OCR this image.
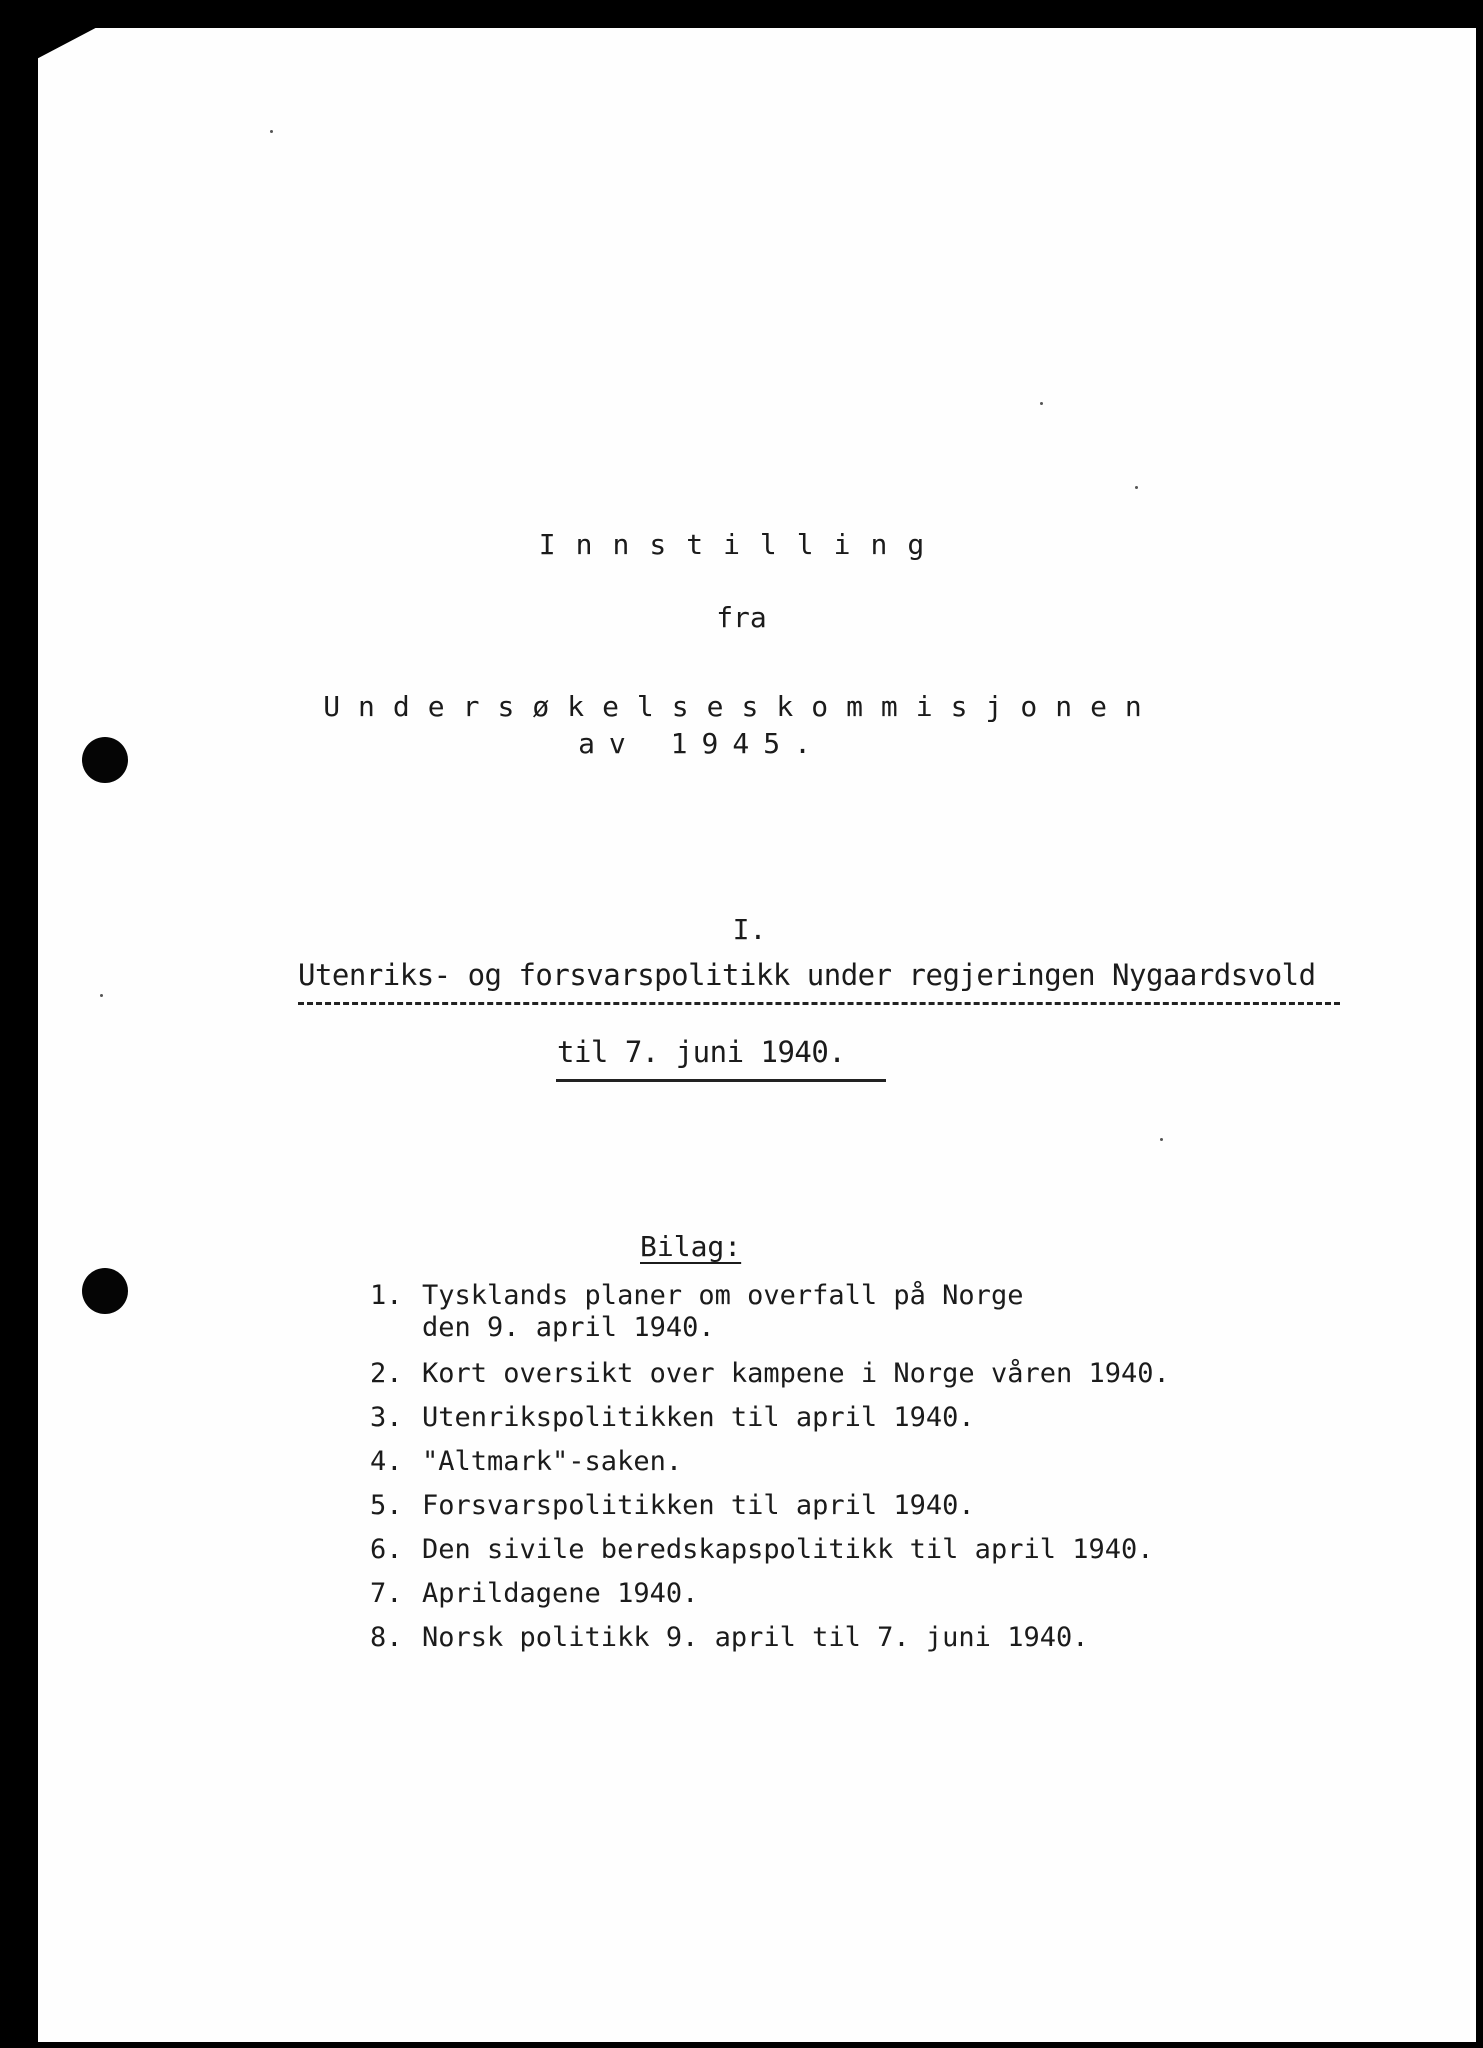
Innstilling

fra

Undersøkelseskommisjonen

av 1945.

I.

Utenriks- og forsvarspolitikk under regjeringen Nygaardsvold

til 7. juni 1940.

Bilag:

1. Tysklands planer om overfall på Norge
den 9. april 1940.
2. Kort oversikt over kampene i Norge våren 1940.
3. Utenrikspolitikken til april 1940.
4. "Altmark"-saken.
5. Forsvarspolitikken til april 1940.
6. Den sivile beredskapspolitikk til april 1940.
7. Aprildagene 1940.
8. Norsk politikk 9. april til 7. juni 1940.
